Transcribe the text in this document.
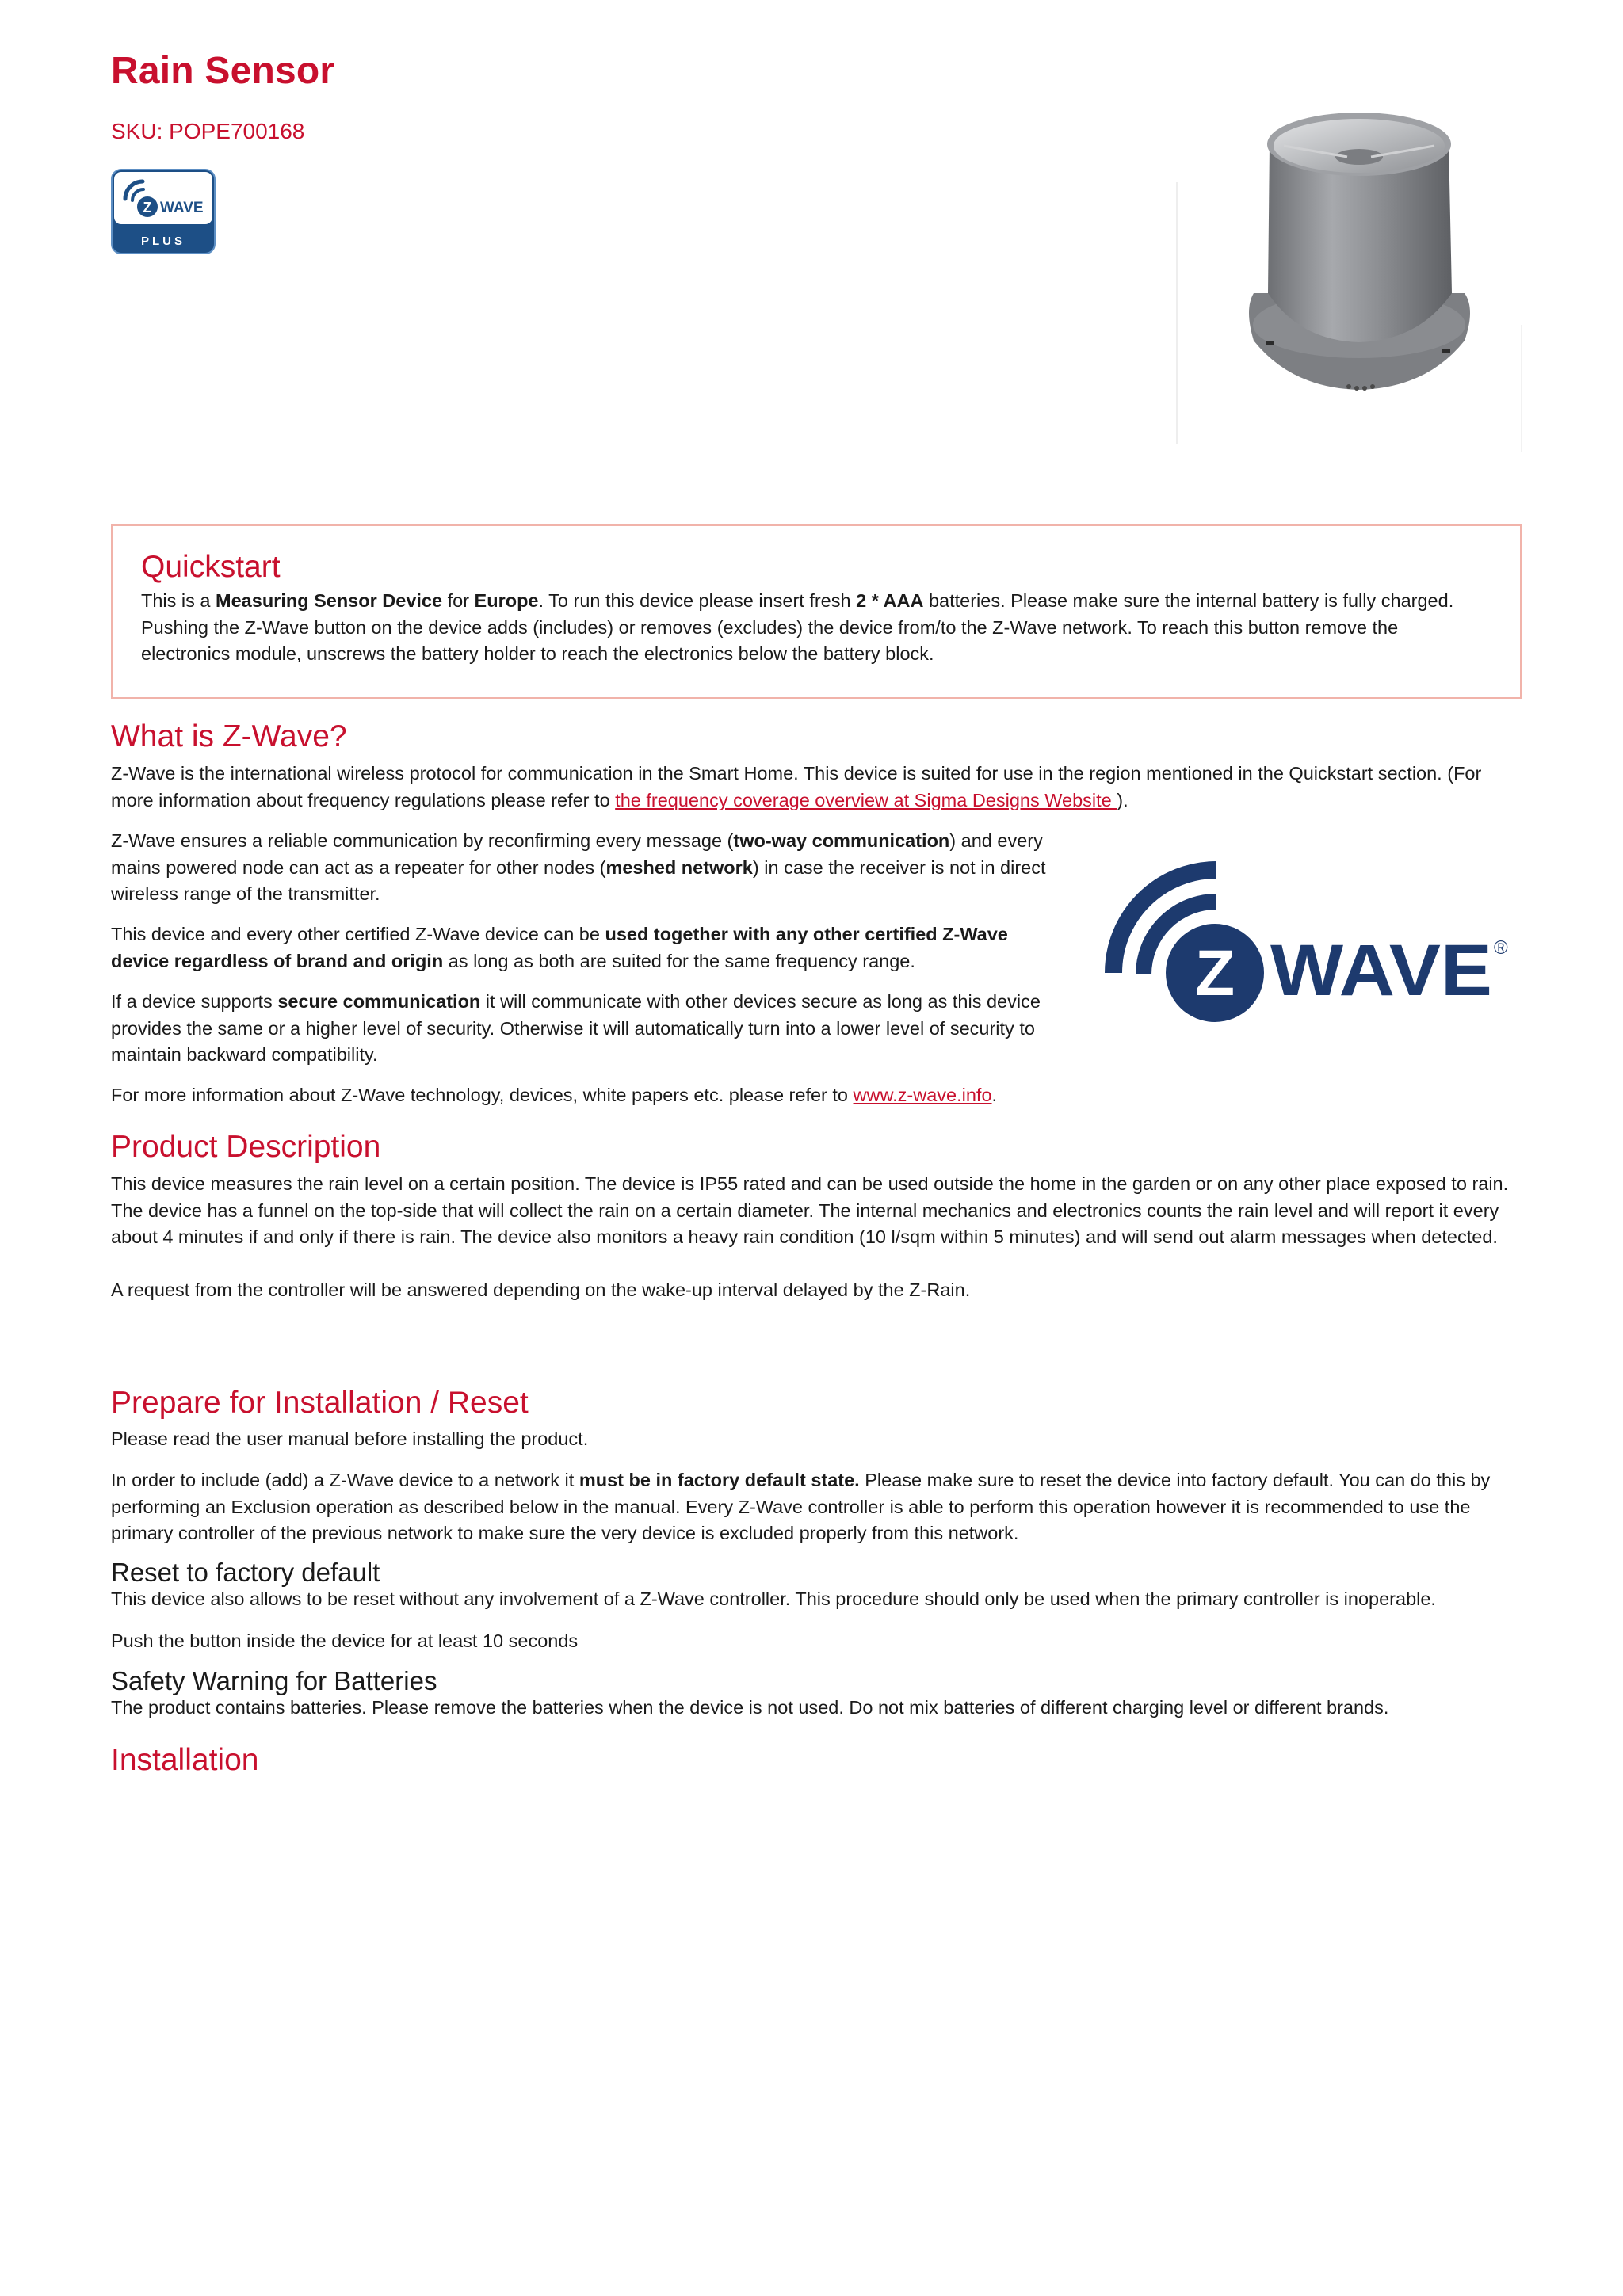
Rain Sensor

SKU: POPE700168

Z WAVE
PLUS
Quickstart

This is a Measuring Sensor Device for Europe. To run this device please insert fresh 2 * AAA batteries. Please make sure the internal battery is fully charged. Pushing the Z-Wave button on the device adds (includes) or removes (excludes) the device from/to the Z-Wave network. To reach this button remove the electronics module, unscrews the battery holder to reach the electronics below the battery block.

What is Z-Wave?

Z-Wave is the international wireless protocol for communication in the Smart Home. This device is suited for use in the region mentioned in the Quickstart section. (For more information about frequency regulations please refer to the frequency coverage overview at Sigma Designs Website ).

Z-Wave ensures a reliable communication by reconfirming every message (two-way communication) and every mains powered node can act as a repeater for other nodes (meshed network) in case the receiver is not in direct wireless range of the transmitter.

This device and every other certified Z-Wave device can be used together with any other certified Z-Wave device regardless of brand and origin as long as both are suited for the same frequency range.

If a device supports secure communication it will communicate with other devices secure as long as this device provides the same or a higher level of security. Otherwise it will automatically turn into a lower level of security to maintain backward compatibility.

For more information about Z-Wave technology, devices, white papers etc. please refer to www.z-wave.info.

Z WAVE ®
Product Description

This device measures the rain level on a certain position. The device is IP55 rated and can be used outside the home in the garden or on any other place exposed to rain. The device has a funnel on the top-side that will collect the rain on a certain diameter. The internal mechanics and electronics counts the rain level and will report it every about 4 minutes if and only if there is rain. The device also monitors a heavy rain condition (10 l/sqm within 5 minutes) and will send out alarm messages when detected.

A request from the controller will be answered depending on the wake-up interval delayed by the Z-Rain.

Prepare for Installation / Reset

Please read the user manual before installing the product.

In order to include (add) a Z-Wave device to a network it must be in factory default state. Please make sure to reset the device into factory default. You can do this by performing an Exclusion operation as described below in the manual. Every Z-Wave controller is able to perform this operation however it is recommended to use the primary controller of the previous network to make sure the very device is excluded properly from this network.

Reset to factory default

This device also allows to be reset without any involvement of a Z-Wave controller. This procedure should only be used when the primary controller is inoperable.

Push the button inside the device for at least 10 seconds

Safety Warning for Batteries

The product contains batteries. Please remove the batteries when the device is not used. Do not mix batteries of different charging level or different brands.

Installation
